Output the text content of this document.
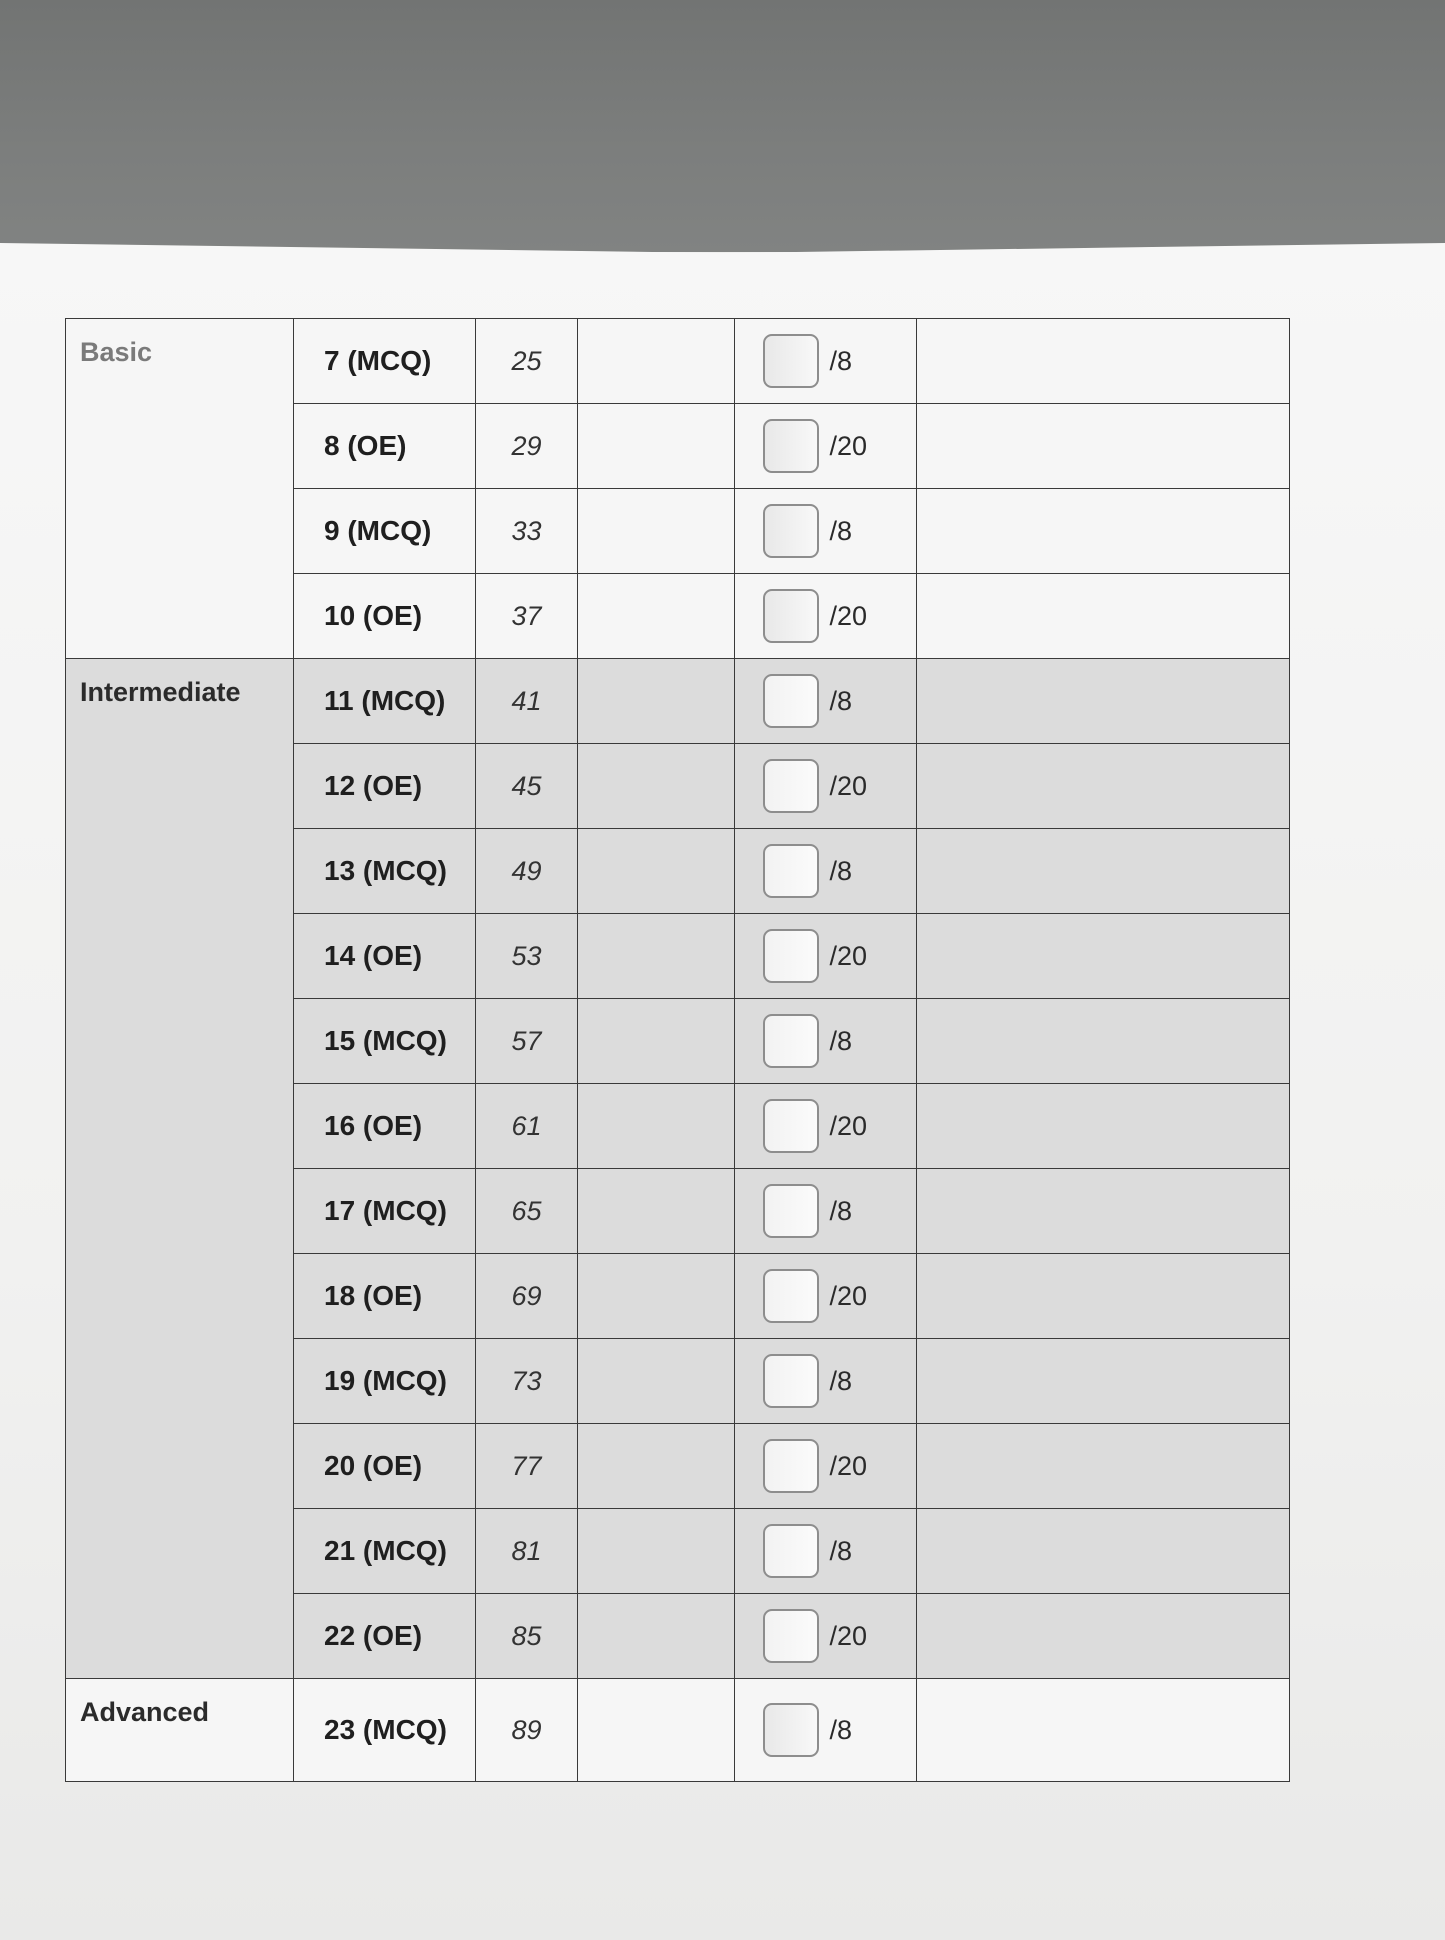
Basic	7 (MCQ)	25		/8	
	8 (OE)	29		/20	
	9 (MCQ)	33		/8	
	10 (OE)	37		/20	
Intermediate	11 (MCQ)	41		/8	
	12 (OE)	45		/20	
	13 (MCQ)	49		/8	
	14 (OE)	53		/20	
	15 (MCQ)	57		/8	
	16 (OE)	61		/20	
	17 (MCQ)	65		/8	
	18 (OE)	69		/20	
	19 (MCQ)	73		/8	
	20 (OE)	77		/20	
	21 (MCQ)	81		/8	
	22 (OE)	85		/20	
Advanced	23 (MCQ)	89		/8	
